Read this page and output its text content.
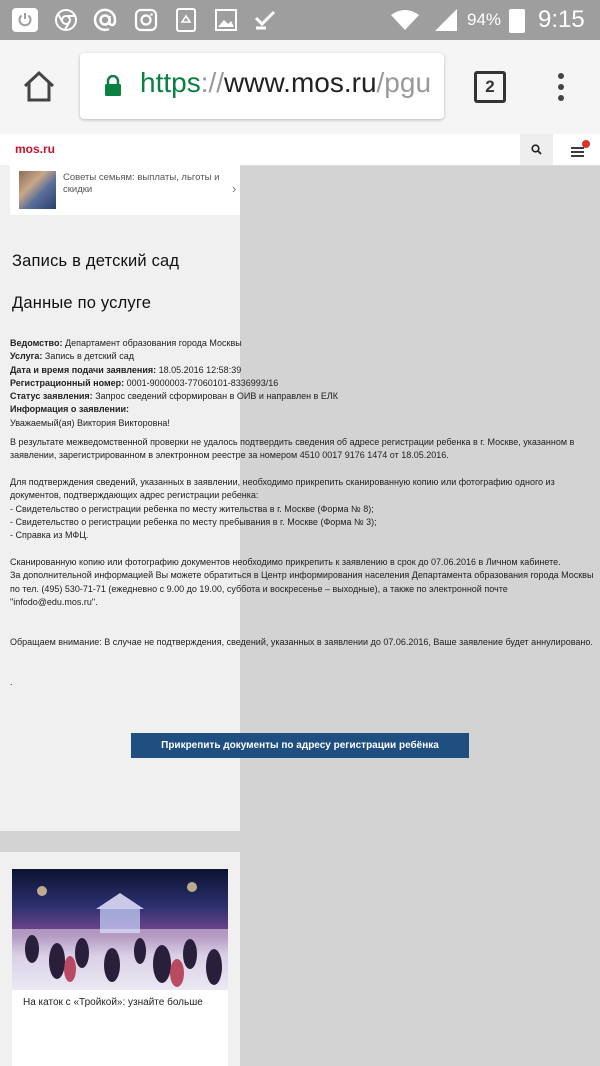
94% 9:15
https://www.mos.ru/pgu	2
mos.ru
Советы семьям: выплаты, льготы и скидки	›
Запись в детский сад
Данные по услуге
Ведомство: Департамент образования города Москвы
Услуга: Запись в детский сад
Дата и время подачи заявления: 18.05.2016 12:58:39
Регистрационный номер: 0001-9000003-77060101-8336993/16
Статус заявления: Запрос сведений сформирован в ОИВ и направлен в ЕЛК
Информация о заявлении:
Уважаемый(ая) Виктория Викторовна!
В результате межведомственной проверки не удалось подтвердить сведения об адресе регистрации ребенка в г. Москве, указанном в заявлении, зарегистрированном в электронном реестре за номером 4510 0017 9176 1474 от 18.05.2016.
Для подтверждения сведений, указанных в заявлении, необходимо прикрепить сканированную копию или фотографию одного из документов, подтверждающих адрес регистрации ребенка:
- Свидетельство о регистрации ребенка по месту жительства в г. Москве (Форма № 8);
- Свидетельство о регистрации ребенка по месту пребывания в г. Москве (Форма № 3);
- Справка из МФЦ.
Сканированную копию или фотографию документов необходимо прикрепить к заявлению в срок до 07.06.2016 в Личном кабинете.
За дополнительной информацией Вы можете обратиться в Центр информирования населения Департамента образования города Москвы по тел. (495) 530-71-71 (ежедневно с 9.00 до 19.00, суббота и воскресенье – выходные), а также по электронной почте "infodo@edu.mos.ru".
Обращаем внимание: В случае не подтверждения, сведений, указанных в заявлении до 07.06.2016, Ваше заявление будет аннулировано.
.
Прикрепить документы по адресу регистрации ребёнка
На каток с «Тройкой»: узнайте больше
